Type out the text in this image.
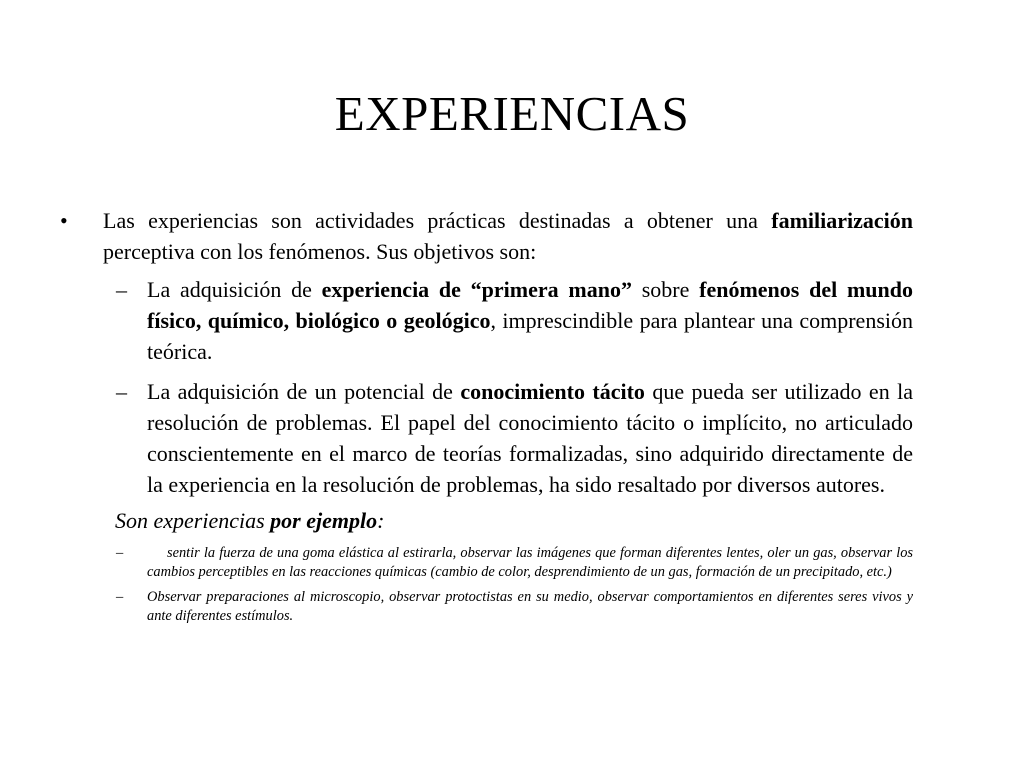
EXPERIENCIAS
• Las experiencias son actividades prácticas destinadas a obtener una familiarización perceptiva con los fenómenos. Sus objetivos son:
– La adquisición de experiencia de “primera mano” sobre fenómenos del mundo físico, químico, biológico o geológico, imprescindible para plantear una comprensión teórica.
– La adquisición de un potencial de conocimiento tácito que pueda ser utilizado en la resolución de problemas. El papel del conocimiento tácito o implícito, no articulado conscientemente en el marco de teorías formalizadas, sino adquirido directamente de la experiencia en la resolución de problemas, ha sido resaltado por diversos autores.
Son experiencias por ejemplo:
–	sentir la fuerza de una goma elástica al estirarla, observar las imágenes que forman diferentes lentes, oler un gas, observar los cambios perceptibles en las reacciones químicas (cambio de color, desprendimiento de un gas, formación de un precipitado, etc.)
– Observar preparaciones al microscopio, observar protoctistas en su medio, observar comportamientos en diferentes seres vivos y ante diferentes estímulos.
